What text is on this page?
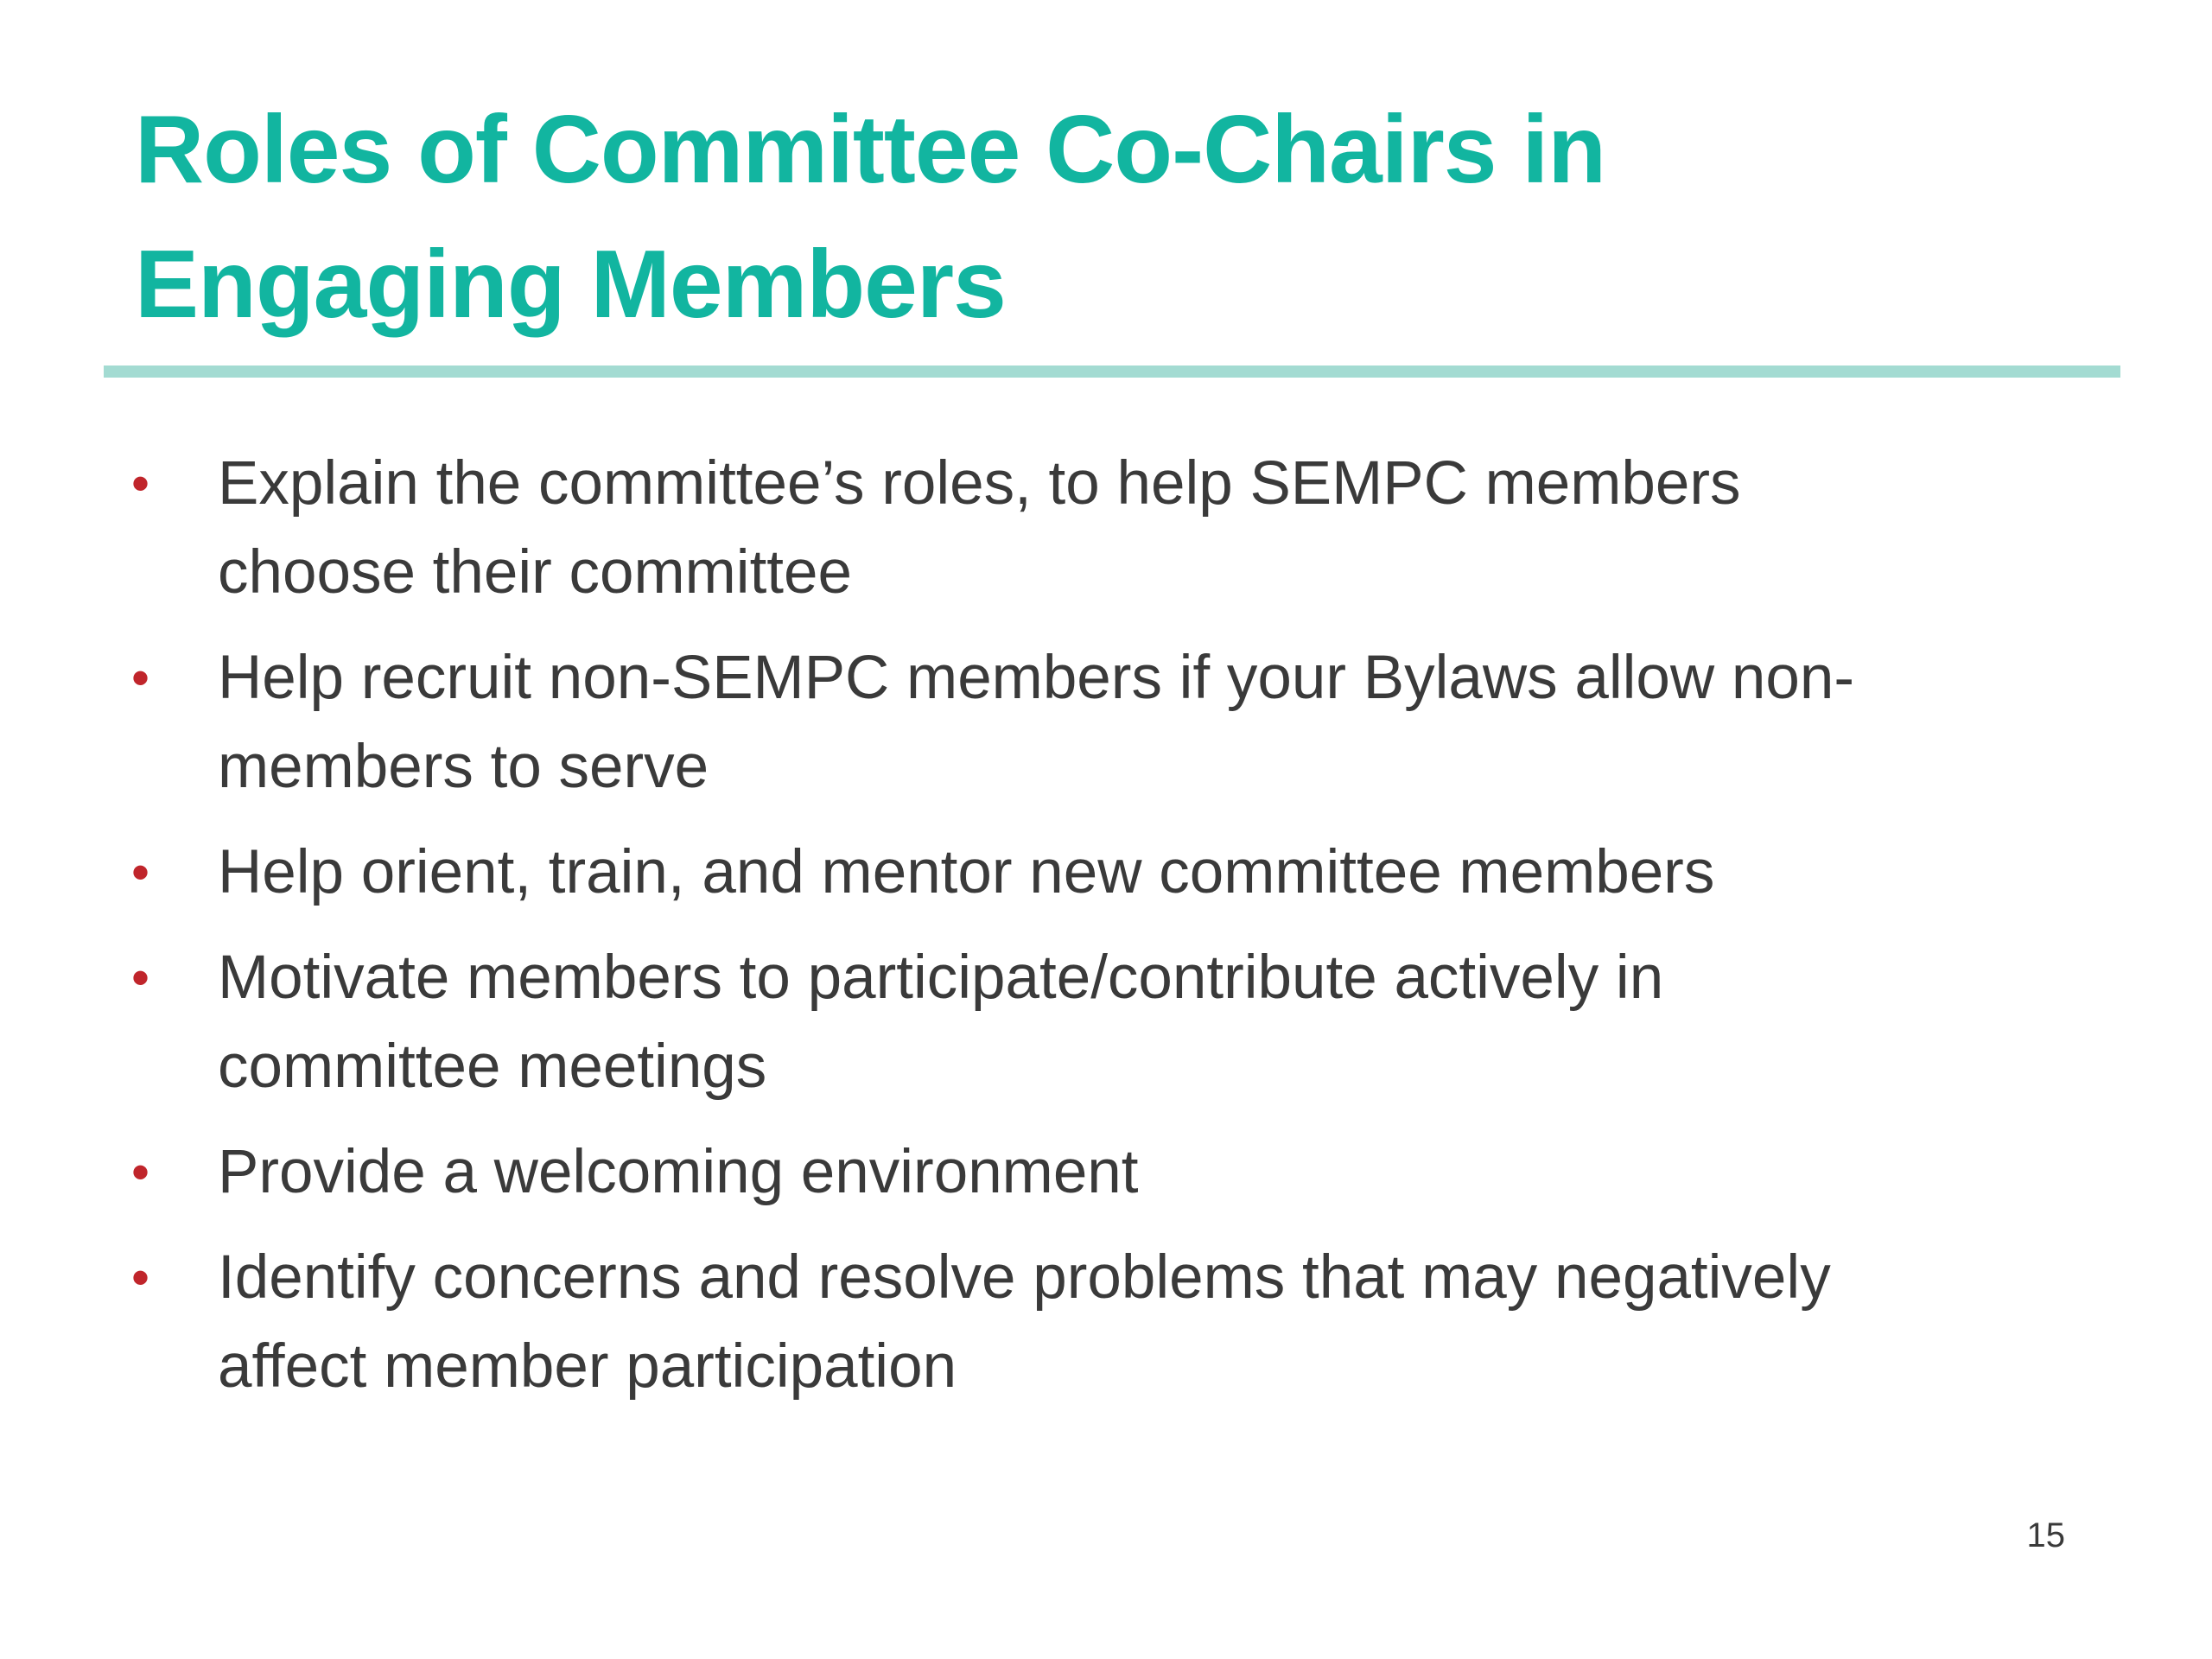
Roles of Committee Co-Chairs in
Engaging Members
• Explain the committee’s roles, to help SEMPC members
choose their committee
• Help recruit non-SEMPC members if your Bylaws allow non-
members to serve
• Help orient, train, and mentor new committee members
• Motivate members to participate/contribute actively in
committee meetings
• Provide a welcoming environment
• Identify concerns and resolve problems that may negatively
affect member participation
15
